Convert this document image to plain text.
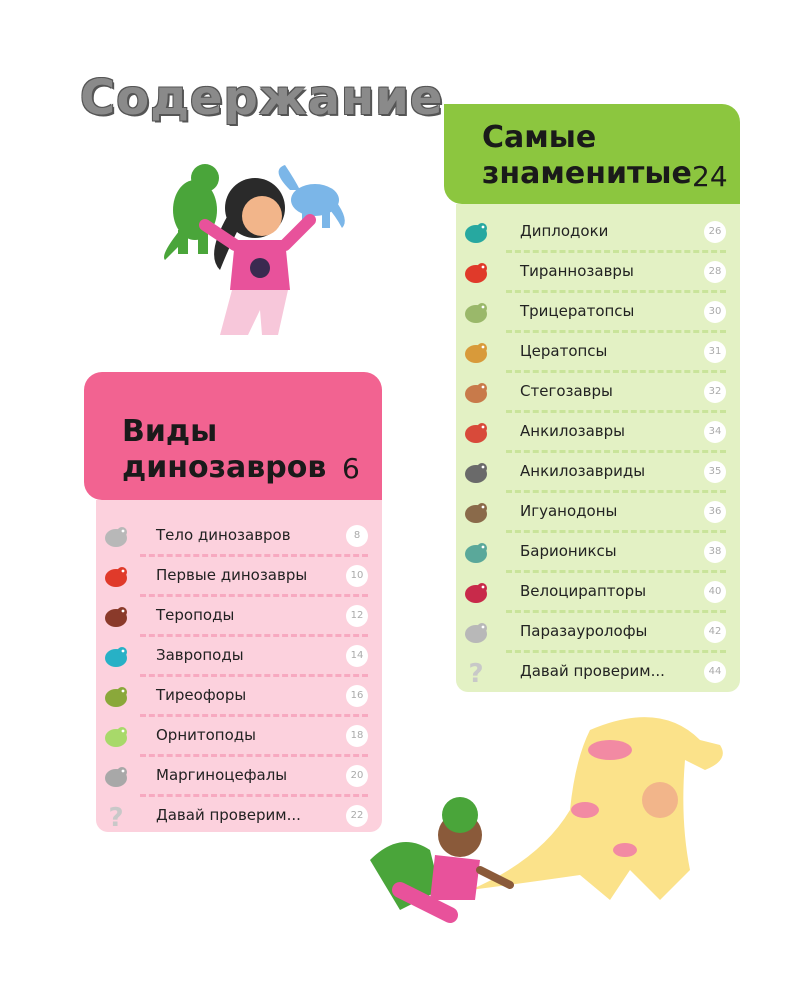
Содержание
Виды
динозавров 6
Тело динозавров	8
Первые динозавры	10
Тероподы	12
Завроподы	14
Тиреофоры	16
Орнитоподы	18
Маргиноцефалы	20
? Давай проверим...	22
Самые
знаменитые 24
Диплодоки	26
Тираннозавры	28
Трицератопсы	30
Цератопсы	31
Стегозавры	32
Анкилозавры	34
Анкилозавриды	35
Игуанодоны	36
Бариониксы	38
Велоцирапторы	40
Паразауролофы	42
? Давай проверим...	44
